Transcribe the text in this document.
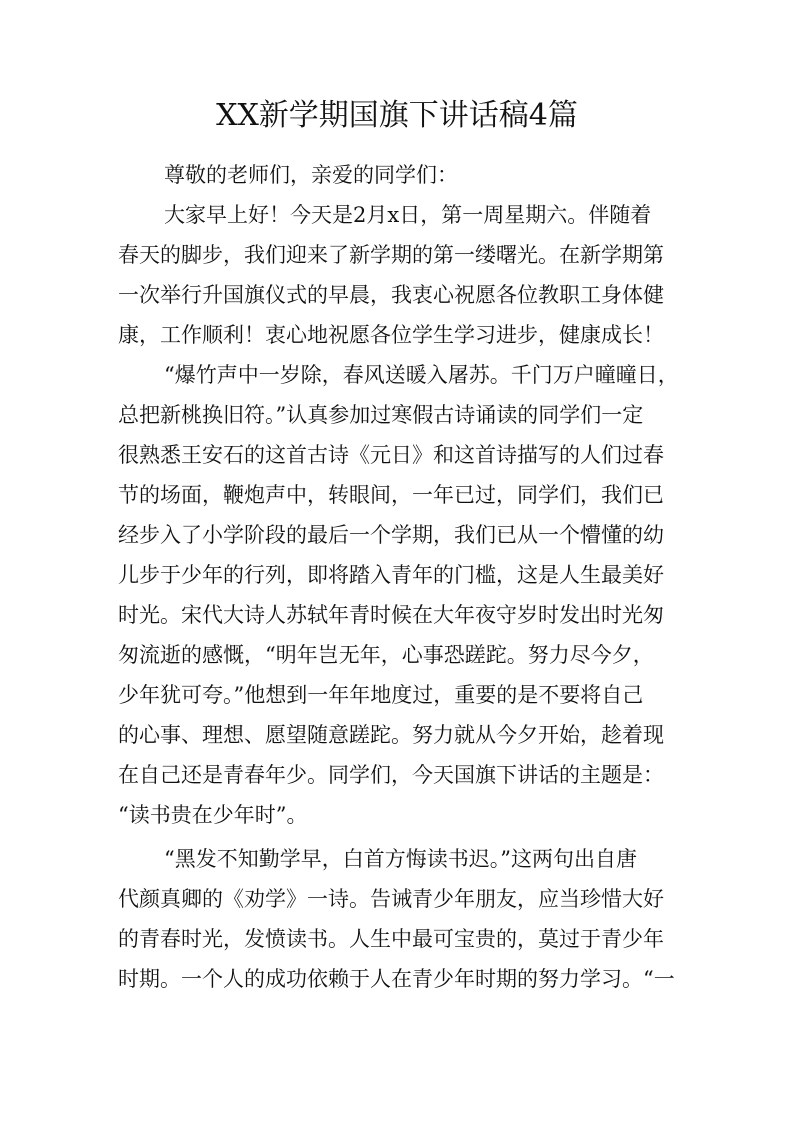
XX新学期国旗下讲话稿4篇
尊敬的老师们，亲爱的同学们：
大家早上好！今天是2月x日，第一周星期六。伴随着
春天的脚步，我们迎来了新学期的第一缕曙光。在新学期第
一次举行升国旗仪式的早晨，我衷心祝愿各位教职工身体健
康，工作顺利！衷心地祝愿各位学生学习进步，健康成长！
“爆竹声中一岁除，春风送暖入屠苏。千门万户曈曈日，
总把新桃换旧符。”认真参加过寒假古诗诵读的同学们一定
很熟悉王安石的这首古诗《元日》和这首诗描写的人们过春
节的场面，鞭炮声中，转眼间，一年已过，同学们，我们已
经步入了小学阶段的最后一个学期，我们已从一个懵懂的幼
儿步于少年的行列，即将踏入青年的门槛，这是人生最美好
时光。宋代大诗人苏轼年青时候在大年夜守岁时发出时光匆
匆流逝的感慨，“明年岂无年，心事恐蹉跎。努力尽今夕，
少年犹可夸。”他想到一年年地度过，重要的是不要将自己
的心事、理想、愿望随意蹉跎。努力就从今夕开始，趁着现
在自己还是青春年少。同学们，今天国旗下讲话的主题是：
“读书贵在少年时”。
“黑发不知勤学早，白首方悔读书迟。”这两句出自唐
代颜真卿的《劝学》一诗。告诫青少年朋友，应当珍惜大好
的青春时光，发愤读书。人生中最可宝贵的，莫过于青少年
时期。一个人的成功依赖于人在青少年时期的努力学习。“一
